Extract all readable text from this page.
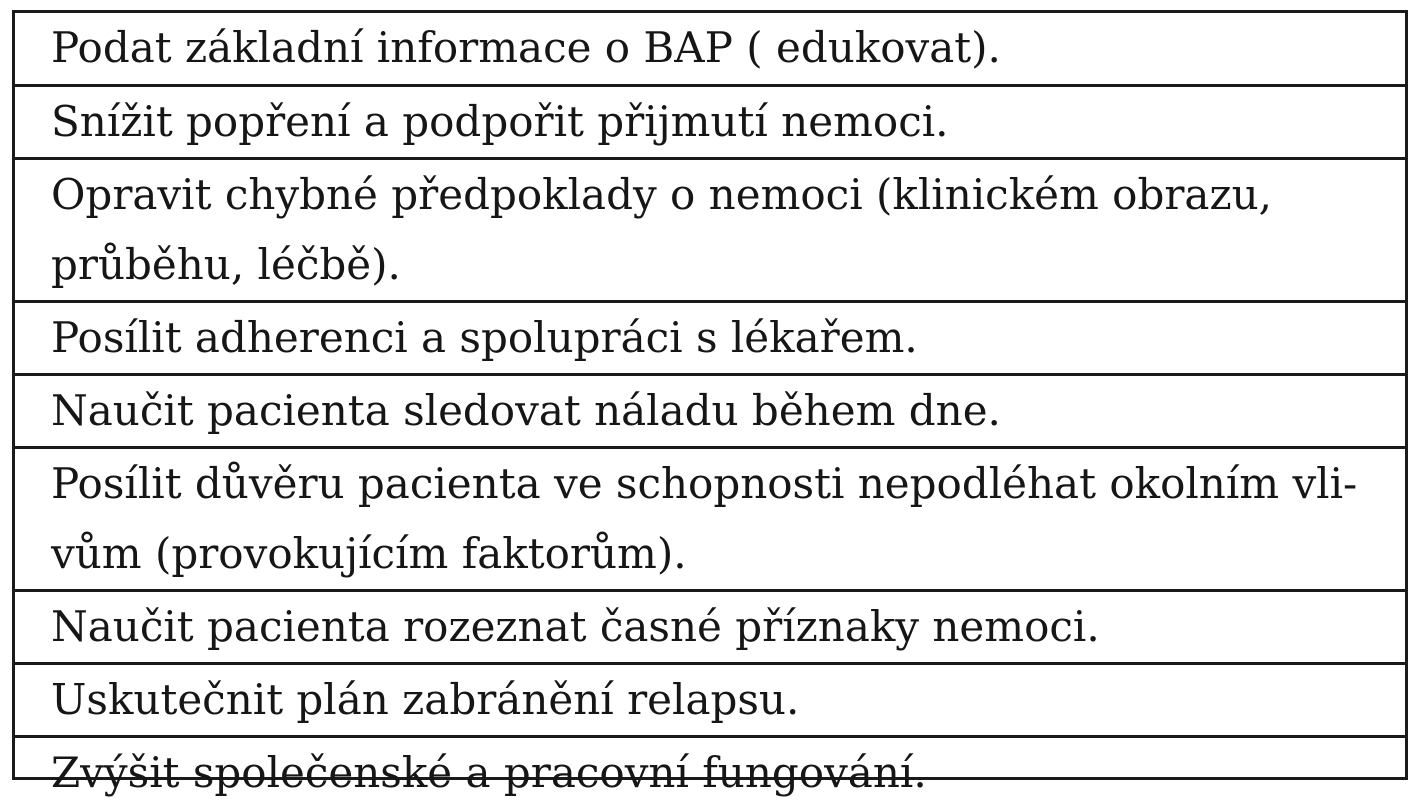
Podat základní informace o BAP ( edukovat).

Snížit popření a podpořit přijmutí nemoci.

Opravit chybné předpoklady o nemoci (klinickém obrazu,
průběhu, léčbě).

Posílit adherenci a spolupráci s lékařem.

Naučit pacienta sledovat náladu během dne.

Posílit důvěru pacienta ve schopnosti nepodléhat okolním vli-
vům (provokujícím faktorům).

Naučit pacienta rozeznat časné příznaky nemoci.

Uskutečnit plán zabránění relapsu.

Zvýšit společenské a pracovní fungování.
